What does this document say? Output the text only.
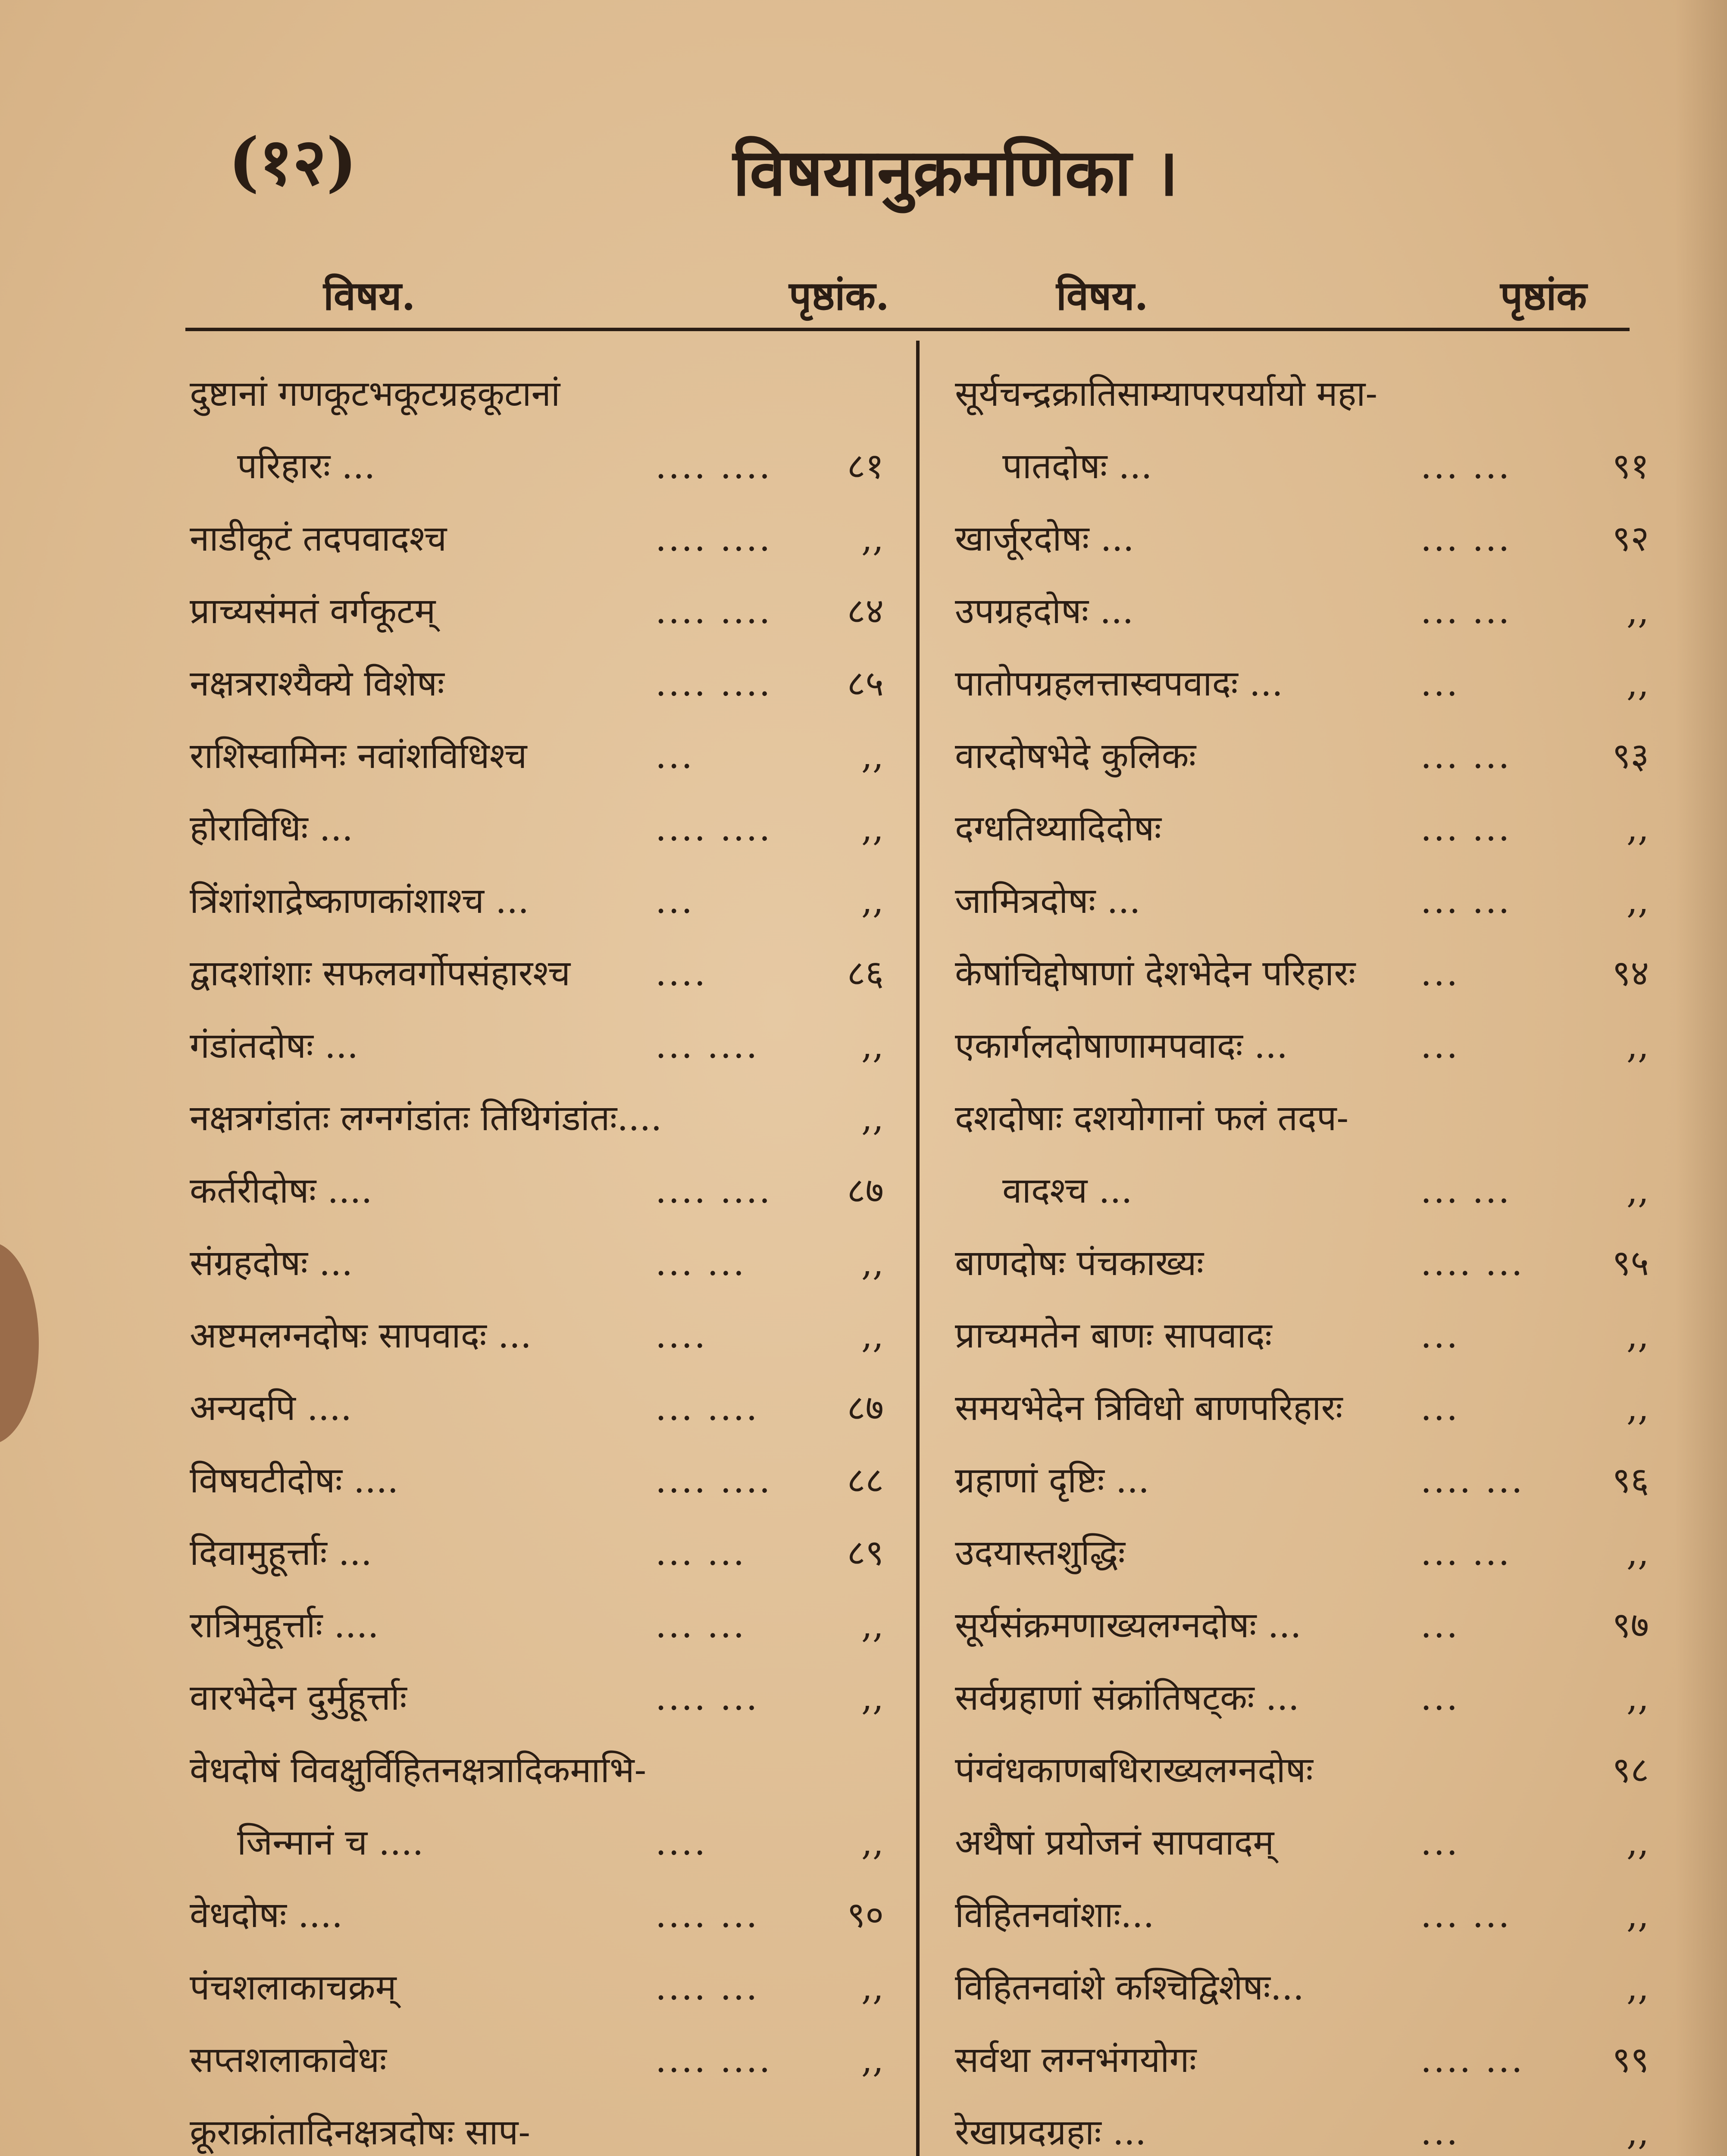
(१२)	विषयानुक्रमणिका ।
विषय.	पृष्ठांक.	विषय.	पृष्ठांक
दुष्टानां गणकूटभकूटग्रहकूटानां
परिहारः ...	.... ....	८१
नाडीकूटं तदपवादश्च	.... ....	,,
प्राच्यसंमतं वर्गकूटम्	.... ....	८४
नक्षत्रराश्यैक्ये विशेषः	.... ....	८५
राशिस्वामिनः नवांशविधिश्च	...	,,
होराविधिः ...	.... ....	,,
त्रिंशांशाद्रेष्काणकांशाश्च ...	...	,,
द्वादशांशाः सफलवर्गोपसंहारश्च ....	८६
गंडांतदोषः ...	... ....	,,
नक्षत्रगंडांतः लग्नगंडांतः तिथिगंडांतः....	,,
कर्तरीदोषः ....	.... ....	८७
संग्रहदोषः ...	... ...	,,
अष्टमलग्नदोषः सापवादः ...	....	,,
अन्यदपि ....	... ....	८७
विषघटीदोषः ....	.... ....	८८
दिवामुहूर्त्ताः ...	... ...	८९
रात्रिमुहूर्त्ताः ....	... ...	,,
वारभेदेन दुर्मुहूर्त्ताः	.... ...	,,
वेधदोषं विवक्षुर्विहितनक्षत्रादिकमाभि-
जिन्मानं च ....	....	,,
वेधदोषः ....	.... ...	९०
पंचशलाकाचक्रम्	.... ...	,,
सप्तशलाकावेधः	.... ....	,,
क्रूराक्रांतादिनक्षत्रदोषः साप-
सूर्यचन्द्रक्रातिसाम्यापरपर्यायो महा-
पातदोषः ...	... ...	९१
खार्जूरदोषः ...	... ...	९२
उपग्रहदोषः ...	... ...	,,
पातोपग्रहलत्तास्वपवादः ...	...	,,
वारदोषभेदे कुलिकः	... ...	९३
दग्धतिथ्यादिदोषः	... ...	,,
जामित्रदोषः ...	... ...	,,
केषांचिद्दोषाणां देशभेदेन परिहारः ...	९४
एकार्गलदोषाणामपवादः ...	...	,,
दशदोषाः दशयोगानां फलं तदप-
वादश्च ...	... ...	,,
बाणदोषः पंचकाख्यः	.... ...	९५
प्राच्यमतेन बाणः सापवादः	...	,,
समयभेदेन त्रिविधो बाणपरिहारः ...	,,
ग्रहाणां दृष्टिः ...	.... ...	९६
उदयास्तशुद्धिः	... ...	,,
सूर्यसंक्रमणाख्यलग्नदोषः ...	...	९७
सर्वग्रहाणां संक्रांतिषट्कः ...	...	,,
पंग्वंधकाणबधिराख्यलग्नदोषः	९८
अथैषां प्रयोजनं सापवादम्	...	,,
विहितनवांशाः...	... ...	,,
विहितनवांशे कश्चिद्विशेषः...	,,
सर्वथा लग्नभंगयोगः	.... ...	९९
रेखाप्रदग्रहाः ...	...	,,
